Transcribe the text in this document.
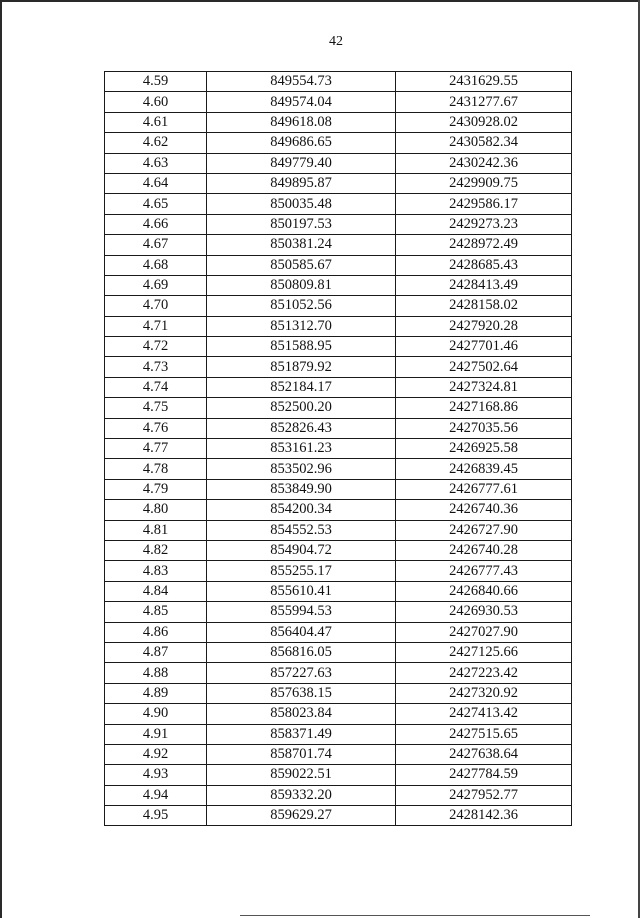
42
4.59	849554.73	2431629.55
4.60	849574.04	2431277.67
4.61	849618.08	2430928.02
4.62	849686.65	2430582.34
4.63	849779.40	2430242.36
4.64	849895.87	2429909.75
4.65	850035.48	2429586.17
4.66	850197.53	2429273.23
4.67	850381.24	2428972.49
4.68	850585.67	2428685.43
4.69	850809.81	2428413.49
4.70	851052.56	2428158.02
4.71	851312.70	2427920.28
4.72	851588.95	2427701.46
4.73	851879.92	2427502.64
4.74	852184.17	2427324.81
4.75	852500.20	2427168.86
4.76	852826.43	2427035.56
4.77	853161.23	2426925.58
4.78	853502.96	2426839.45
4.79	853849.90	2426777.61
4.80	854200.34	2426740.36
4.81	854552.53	2426727.90
4.82	854904.72	2426740.28
4.83	855255.17	2426777.43
4.84	855610.41	2426840.66
4.85	855994.53	2426930.53
4.86	856404.47	2427027.90
4.87	856816.05	2427125.66
4.88	857227.63	2427223.42
4.89	857638.15	2427320.92
4.90	858023.84	2427413.42
4.91	858371.49	2427515.65
4.92	858701.74	2427638.64
4.93	859022.51	2427784.59
4.94	859332.20	2427952.77
4.95	859629.27	2428142.36
